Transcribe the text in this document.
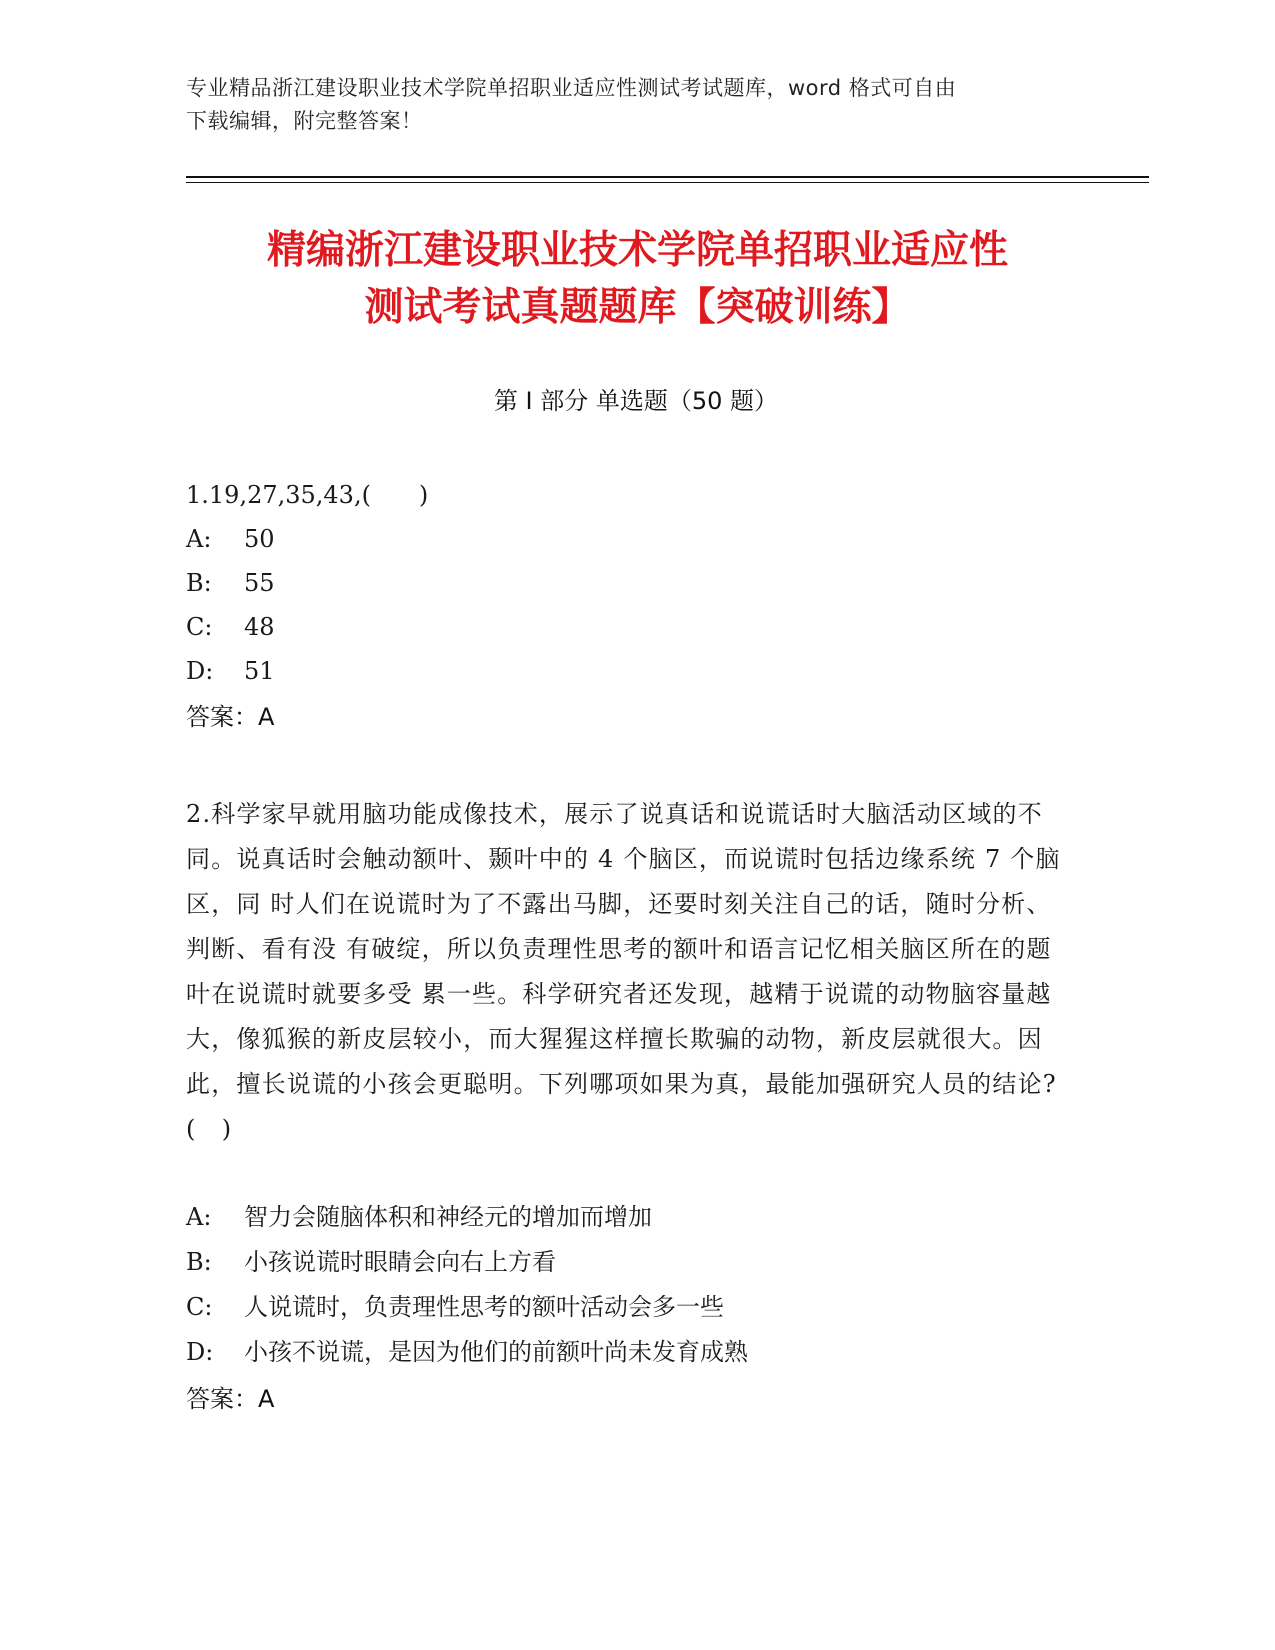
专业精品浙江建设职业技术学院单招职业适应性测试考试题库，word 格式可自由
下载编辑，附完整答案！
精编浙江建设职业技术学院单招职业适应性
测试考试真题题库【突破训练】
第 I 部分 单选题（50 题）
1.19,27,35,43,(　　)
A: 50
B: 55
C: 48
D: 51
答案：A
2.科学家早就用脑功能成像技术，展示了说真话和说谎话时大脑活动区域的不 同。说真话时会触动额叶、颞叶中的 4 个脑区，而说谎时包括边缘系统 7 个脑区，同 时人们在说谎时为了不露出马脚，还要时刻关注自己的话，随时分析、判断、看有没 有破绽，所以负责理性思考的额叶和语言记忆相关脑区所在的题叶在说谎时就要多受 累一些。科学研究者还发现，越精于说谎的动物脑容量越大，像狐猴的新皮层较小，而大猩猩这样擅长欺骗的动物，新皮层就很大。因此，擅长说谎的小孩会更聪明。下列哪项如果为真，最能加强研究人员的结论?(　)
A: 智力会随脑体积和神经元的增加而增加
B: 小孩说谎时眼睛会向右上方看
C: 人说谎时，负责理性思考的额叶活动会多一些
D: 小孩不说谎，是因为他们的前额叶尚未发育成熟
答案：A
